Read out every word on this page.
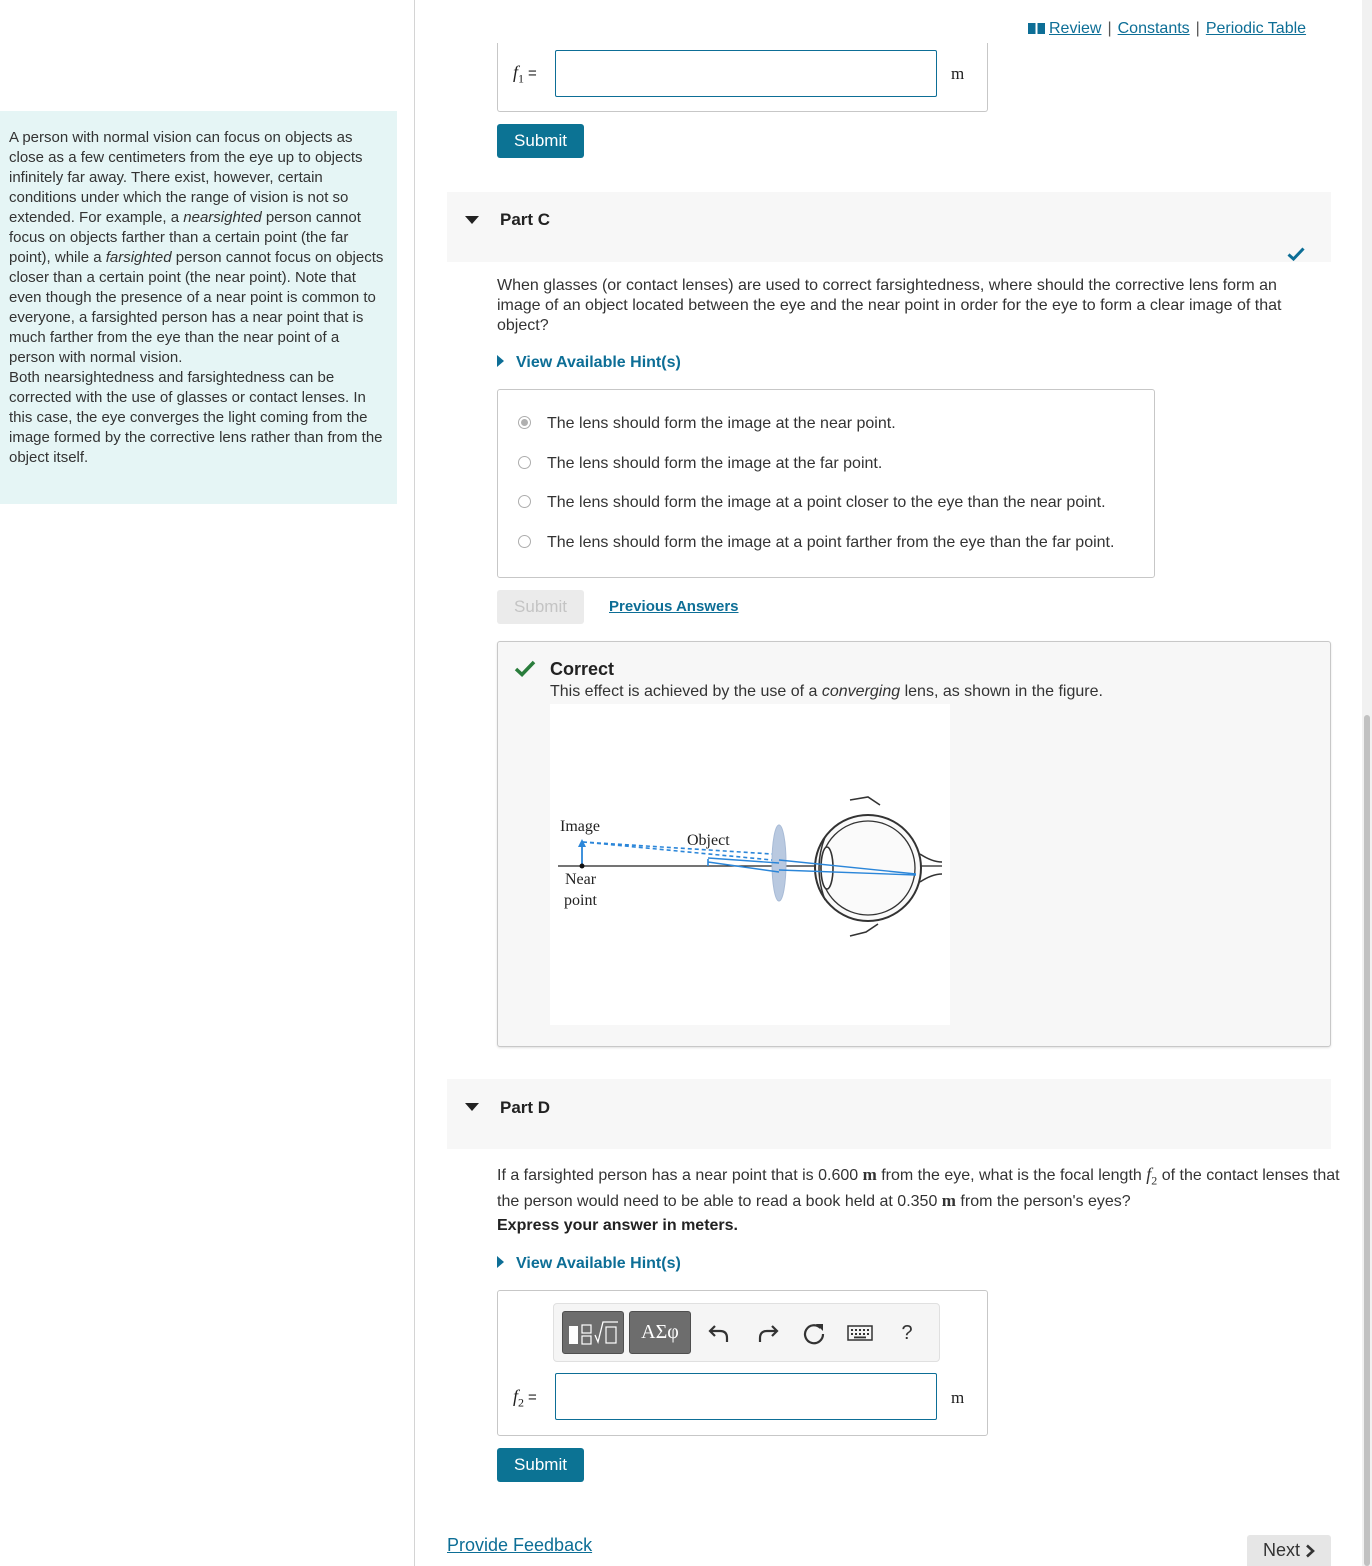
Review | Constants | Periodic Table
A person with normal vision can focus on objects as close as a few centimeters from the eye up to objects infinitely far away. There exist, however, certain conditions under which the range of vision is not so extended. For example, a nearsighted person cannot focus on objects farther than a certain point (the far point), while a farsighted person cannot focus on objects closer than a certain point (the near point). Note that even though the presence of a near point is common to everyone, a farsighted person has a near point that is much farther from the eye than the near point of a person with normal vision.
Both nearsightedness and farsightedness can be corrected with the use of glasses or contact lenses. In this case, the eye converges the light coming from the image formed by the corrective lens rather than from the object itself.
$f_1$ =	m
Submit
Part C
When glasses (or contact lenses) are used to correct farsightedness, where should the corrective lens form an image of an object located between the eye and the near point in order for the eye to form a clear image of that object?
View Available Hint(s)
The lens should form the image at the near point.
The lens should form the image at the far point.
The lens should form the image at a point closer to the eye than the near point.
The lens should form the image at a point farther from the eye than the far point.
Submit	Previous Answers
Correct
This effect is achieved by the use of a converging lens, as shown in the figure.
Image
Object
Near
point
Part D
If a farsighted person has a near point that is 0.600 m from the eye, what is the focal length $f_2$ of the contact lenses that the person would need to be able to read a book held at 0.350 m from the person's eyes?
Express your answer in meters.
View Available Hint(s)
ΑΣφ	?
$f_2$ =	m
Submit
Provide Feedback	Next
